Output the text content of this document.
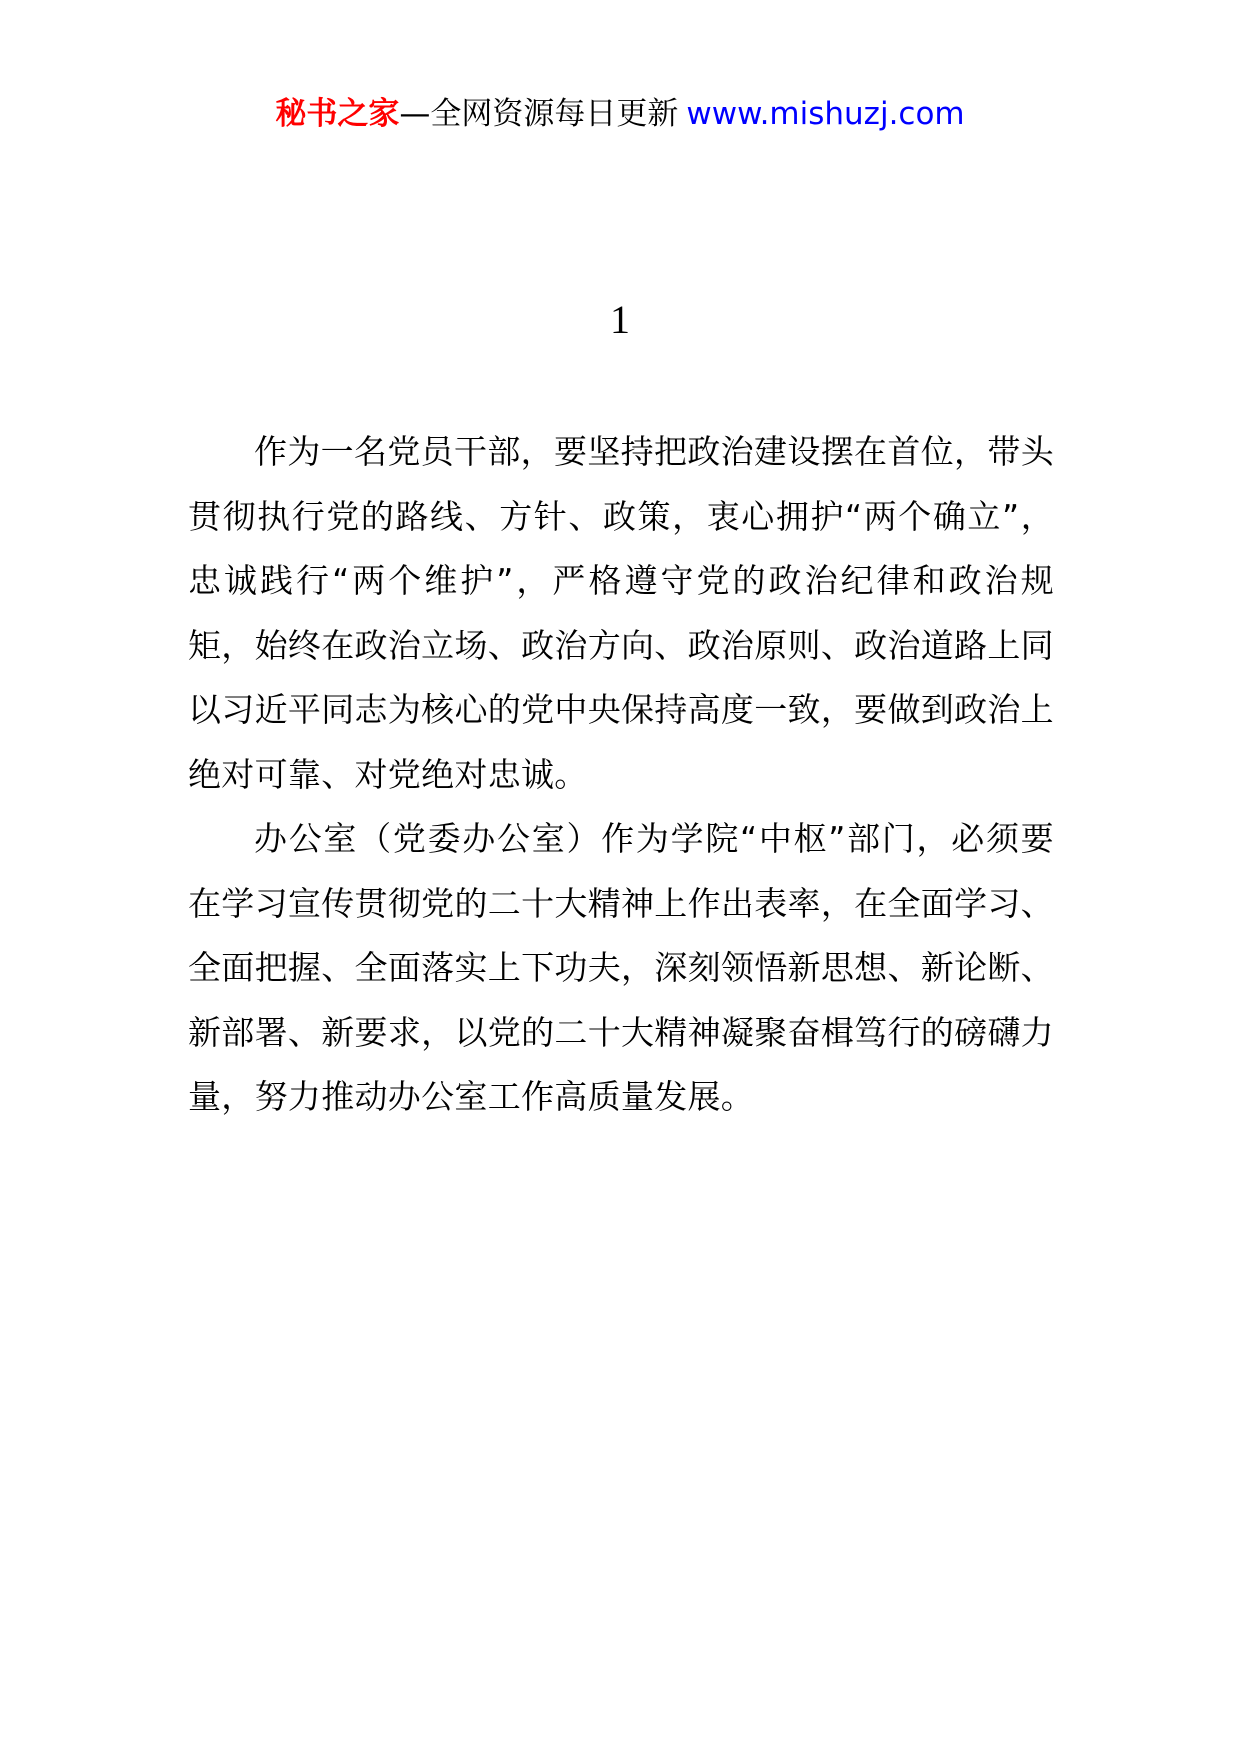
秘书之家—全网资源每日更新 www.mishuzj.com
1

作为一名党员干部，要坚持把政治建设摆在首位，带头贯彻执行党的路线、方针、政策，衷心拥护“两个确立”，忠诚践行“两个维护”，严格遵守党的政治纪律和政治规矩，始终在政治立场、政治方向、政治原则、政治道路上同以习近平同志为核心的党中央保持高度一致，要做到政治上绝对可靠、对党绝对忠诚。

办公室（党委办公室）作为学院“中枢”部门，必须要在学习宣传贯彻党的二十大精神上作出表率，在全面学习、全面把握、全面落实上下功夫，深刻领悟新思想、新论断、新部署、新要求，以党的二十大精神凝聚奋楫笃行的磅礴力量，努力推动办公室工作高质量发展。
